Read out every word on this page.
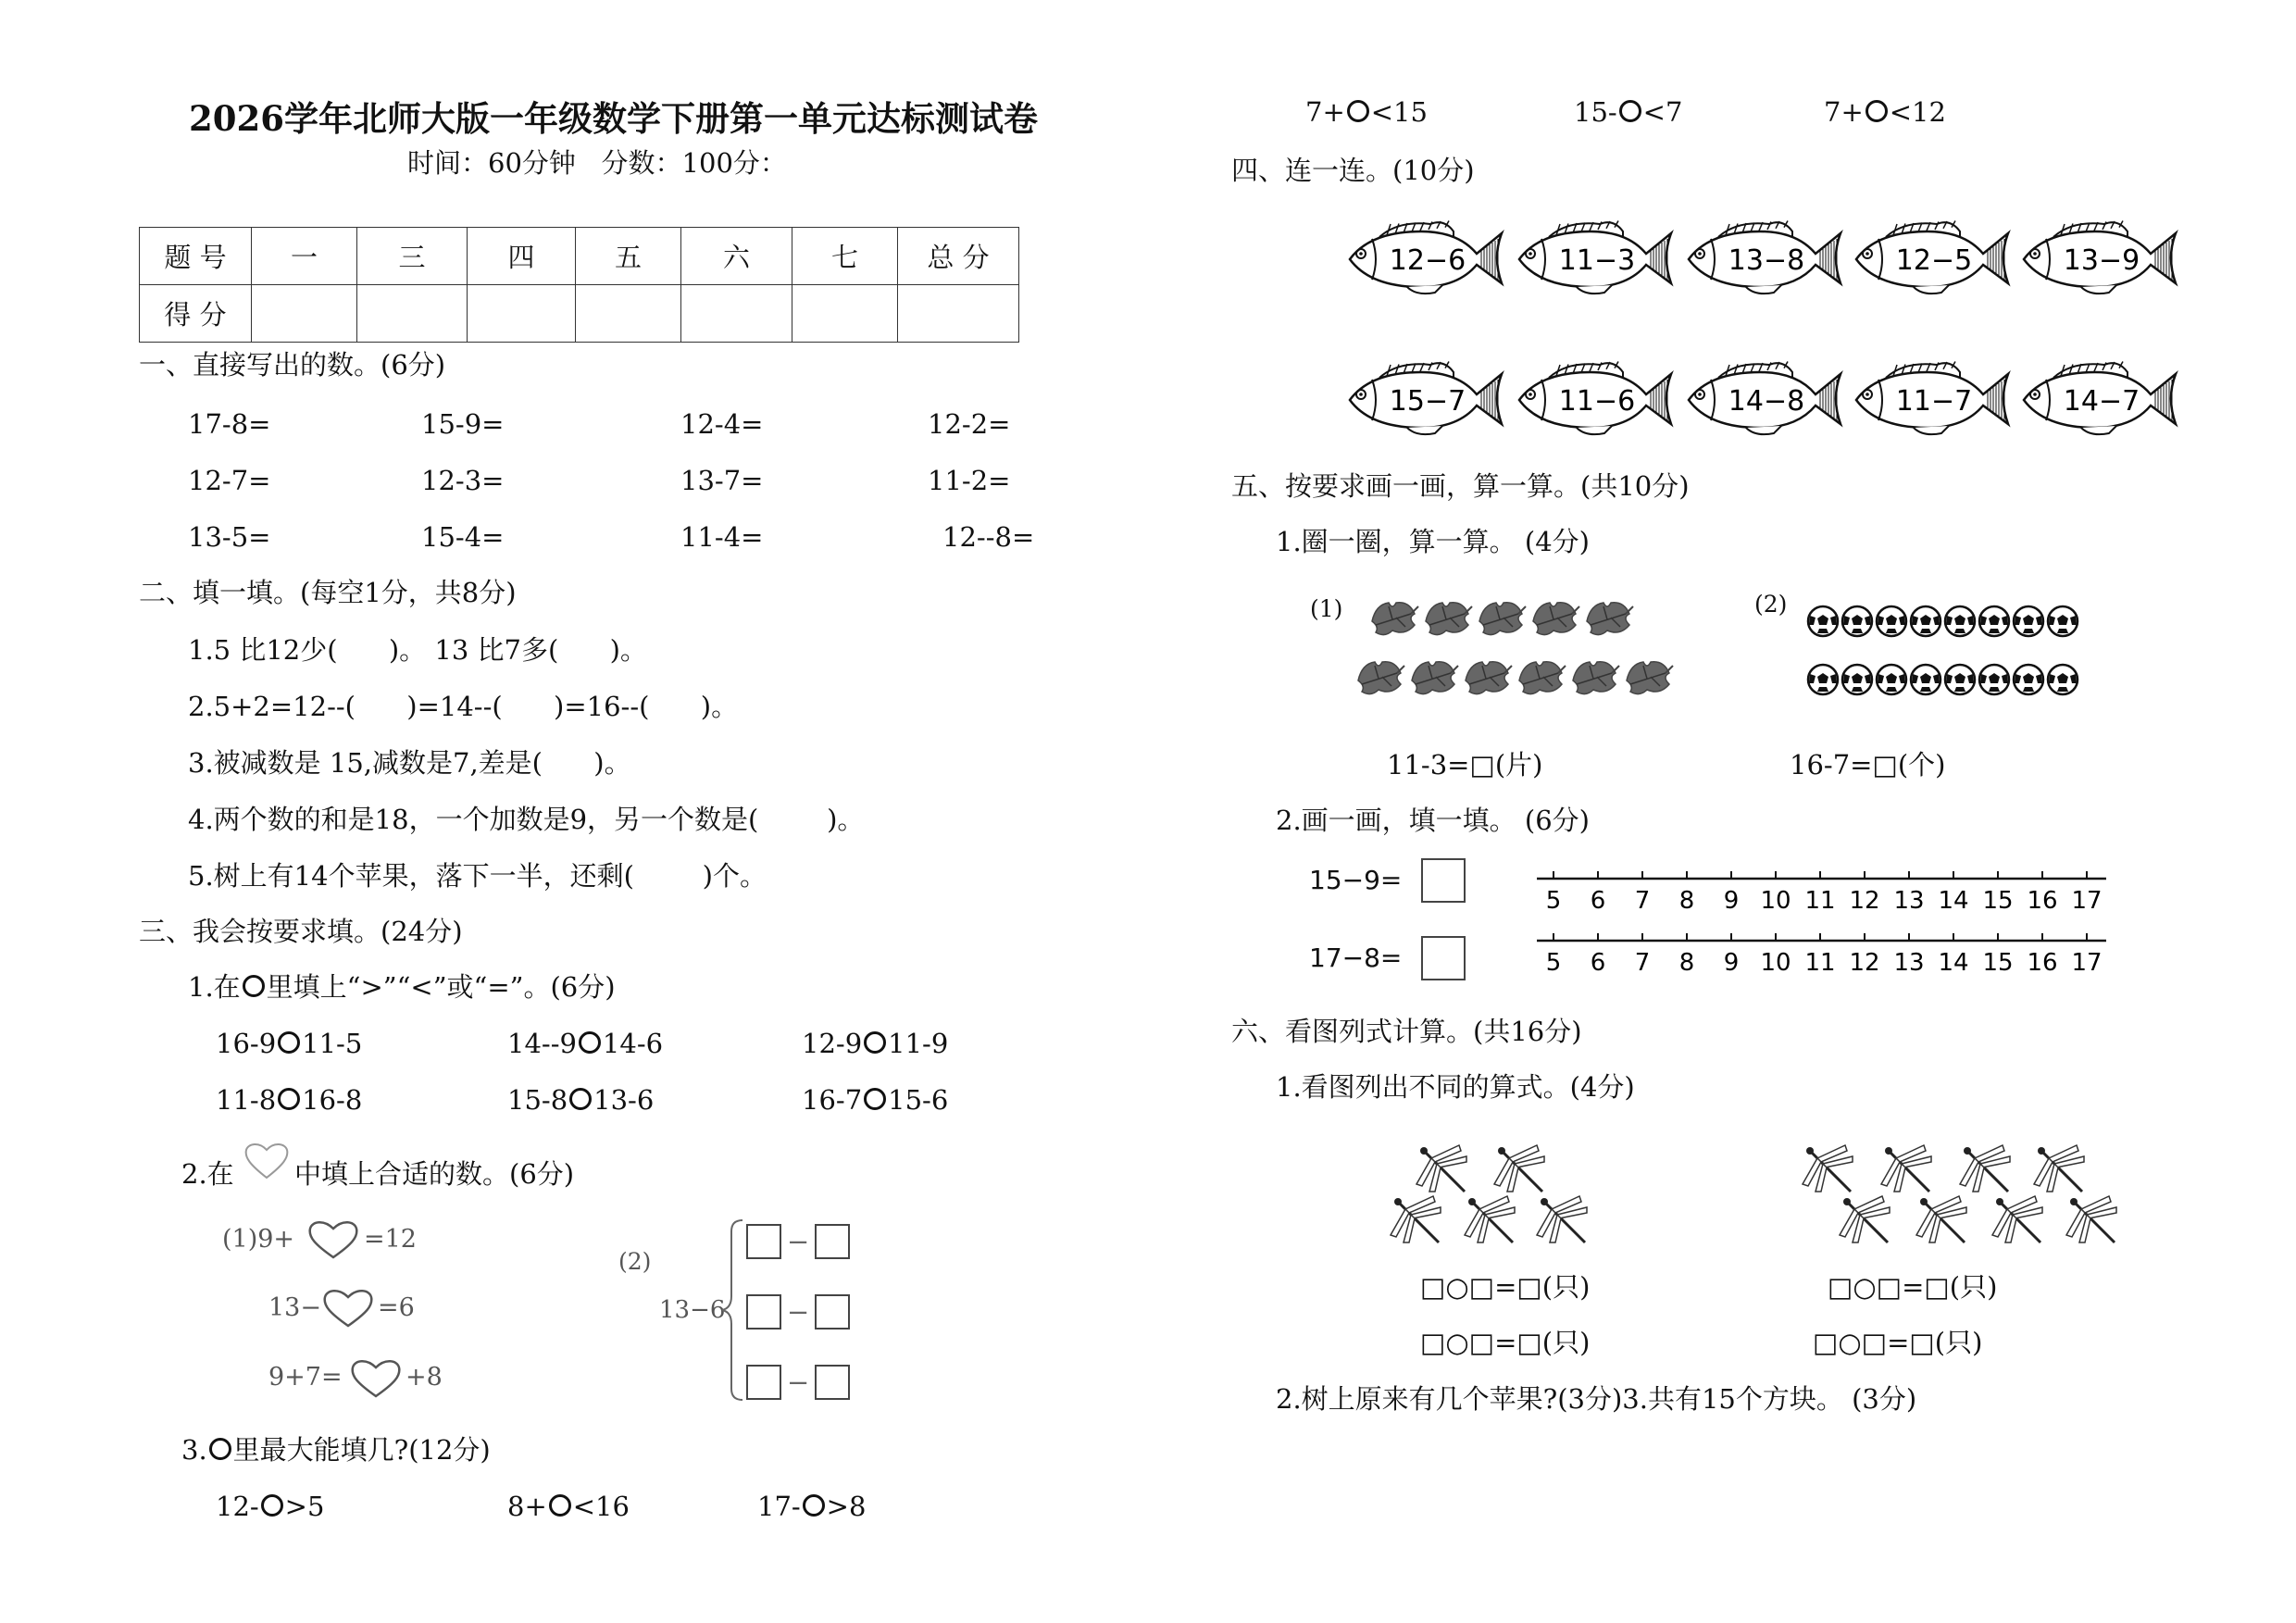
2026学年北师大版一年级数学下册第一单元达标测试卷
时间：60分钟   分数：100分：
题 号	一	三	四	五	六	七	总 分
得 分							
一、直接写出的数。(6分)
17-8=	15-9=	12-4=	12-2=
12-7=	12-3=	13-7=	11-2=
13-5=	15-4=	11-4=	12--8=
二、填一填。(每空1分，共8分)
1.5 比12少(      )。 13 比7多(      )。
2.5+2=12--(      )=14--(      )=16--(      )。
3.被减数是 15,减数是7,差是(      )。
4.两个数的和是18，一个加数是9，另一个数是(        )。
5.树上有14个苹果，落下一半，还剩(        )个。
三、我会按要求填。(24分)
1.在 里填上“>”“<”或“=”。(6分)
16-9 11-5	14--9 14-6	12-9 11-9
11-8 16-8	15-8 13-6	16-7 15-6
2.在 中填上合适的数。(6分)
(1)9+	=12
13− =6
9+7=	+8
(2)
13−6
−
−
−
3. 里最大能填几?(12分)
12- >5	8+ <16	17- >8
7+ <15	15- <7	7+ <12
四、连一连。(10分)
12−6	11−3	13−8	12−5	13−9
15−7	11−6	14−8	11−7	14−7
五、按要求画一画，算一算。(共10分)
1.圈一圈，算一算。 (4分)
(1)	(2)
11-3=□(片)	16-7=□(个)
2.画一画，填一填。 (6分)
15−9=
17−8=
5 6 7 8 9 10 11 12 13 14 15 16 17
5 6 7 8 9 10 11 12 13 14 15 16 17
六、看图列式计算。(共16分)
1.看图列出不同的算式。(4分)
□○□=□(只)
□○□=□(只)
□○□=□(只)
□○□=□(只)
2.树上原来有几个苹果?(3分)3.共有15个方块。 (3分)
